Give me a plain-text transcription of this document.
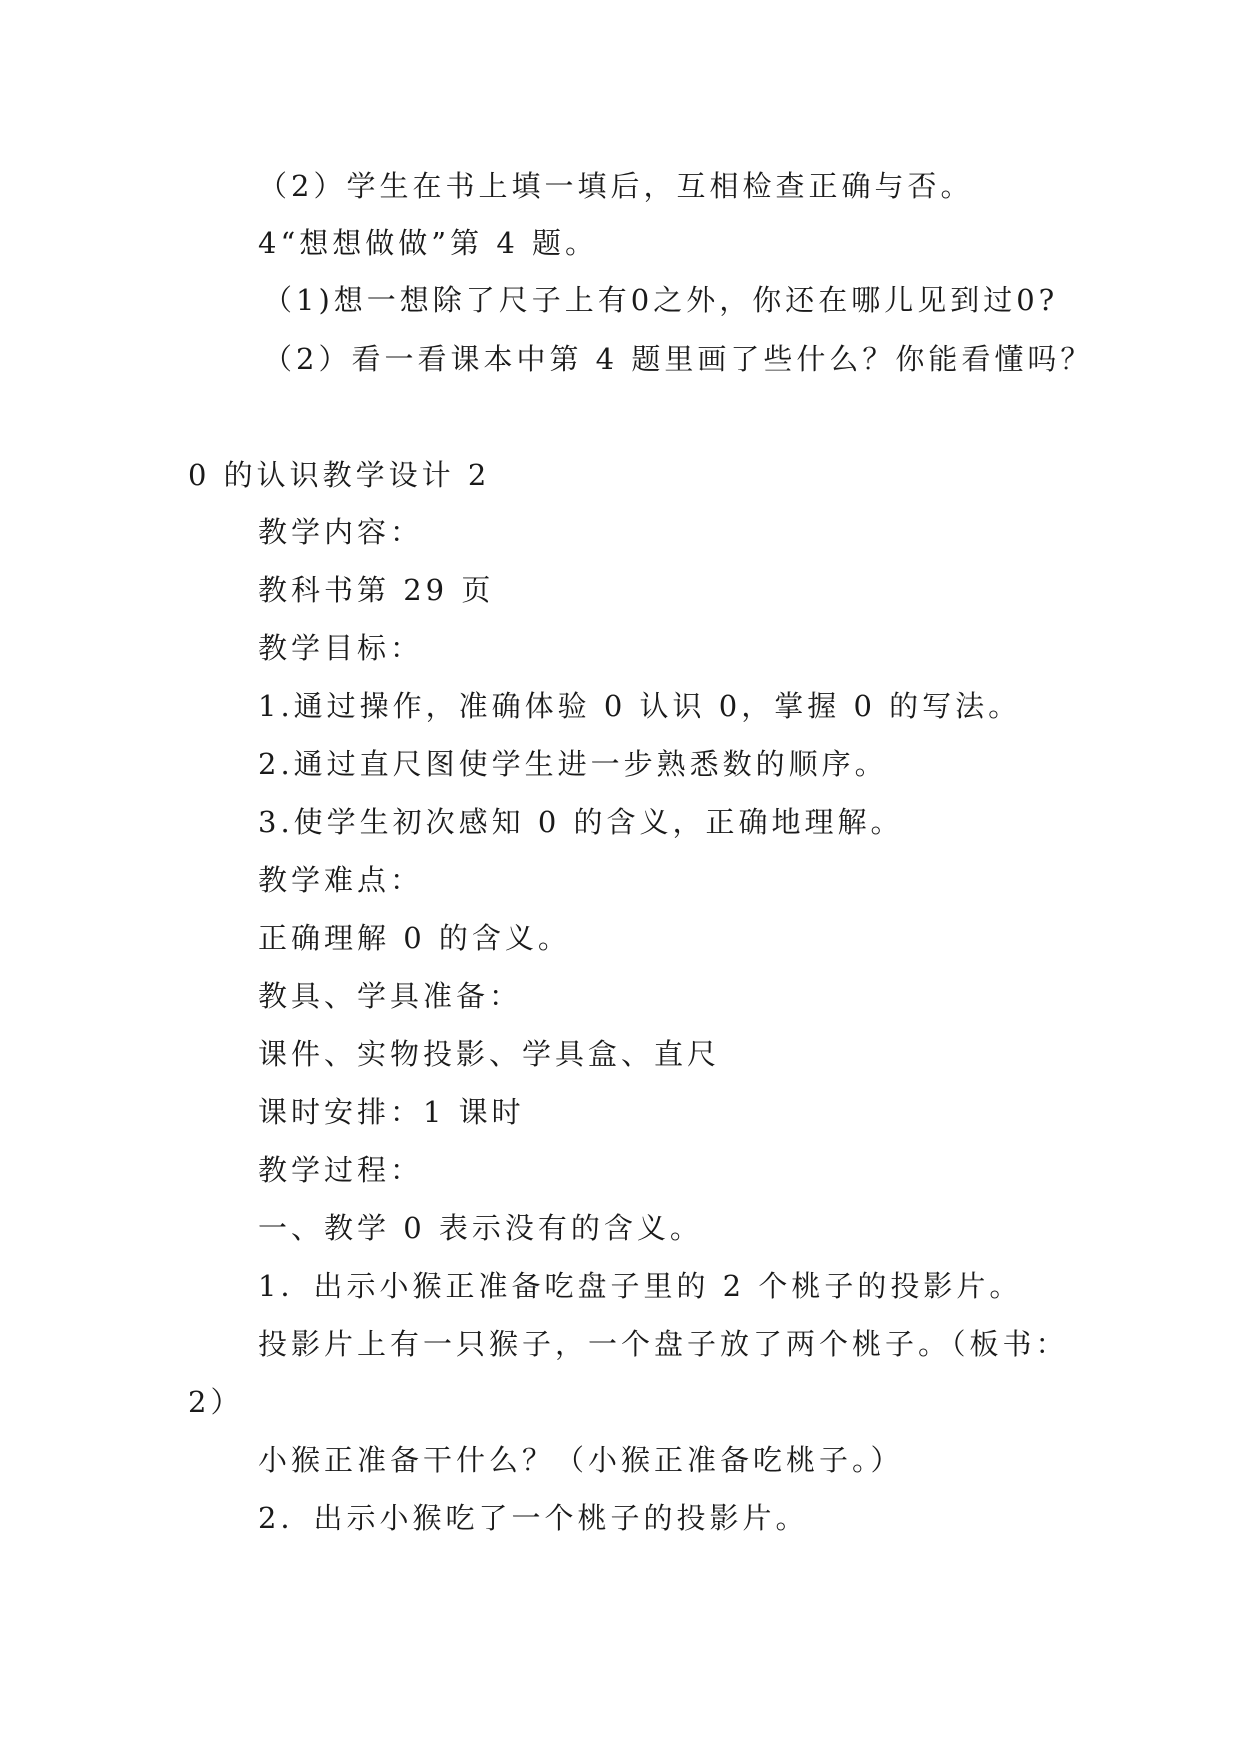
（2）学生在书上填一填后，互相检查正确与否。
4“想想做做”第 4 题。
（1)想一想除了尺子上有0之外，你还在哪儿见到过0?
（2）看一看课本中第 4 题里画了些什么？你能看懂吗？
0 的认识教学设计 2
教学内容：
教科书第 29 页
教学目标：
1.通过操作，准确体验 0 认识 0，掌握 0 的写法。
2.通过直尺图使学生进一步熟悉数的顺序。
3.使学生初次感知 0 的含义，正确地理解。
教学难点：
正确理解 0 的含义。
教具、学具准备：
课件、实物投影、学具盒、直尺
课时安排：1 课时
教学过程：
一、教学 0 表示没有的含义。
1．出示小猴正准备吃盘子里的 2 个桃子的投影片。
投影片上有一只猴子，一个盘子放了两个桃子。（板书：
2）
小猴正准备干什么？（小猴正准备吃桃子。）
2．出示小猴吃了一个桃子的投影片。
